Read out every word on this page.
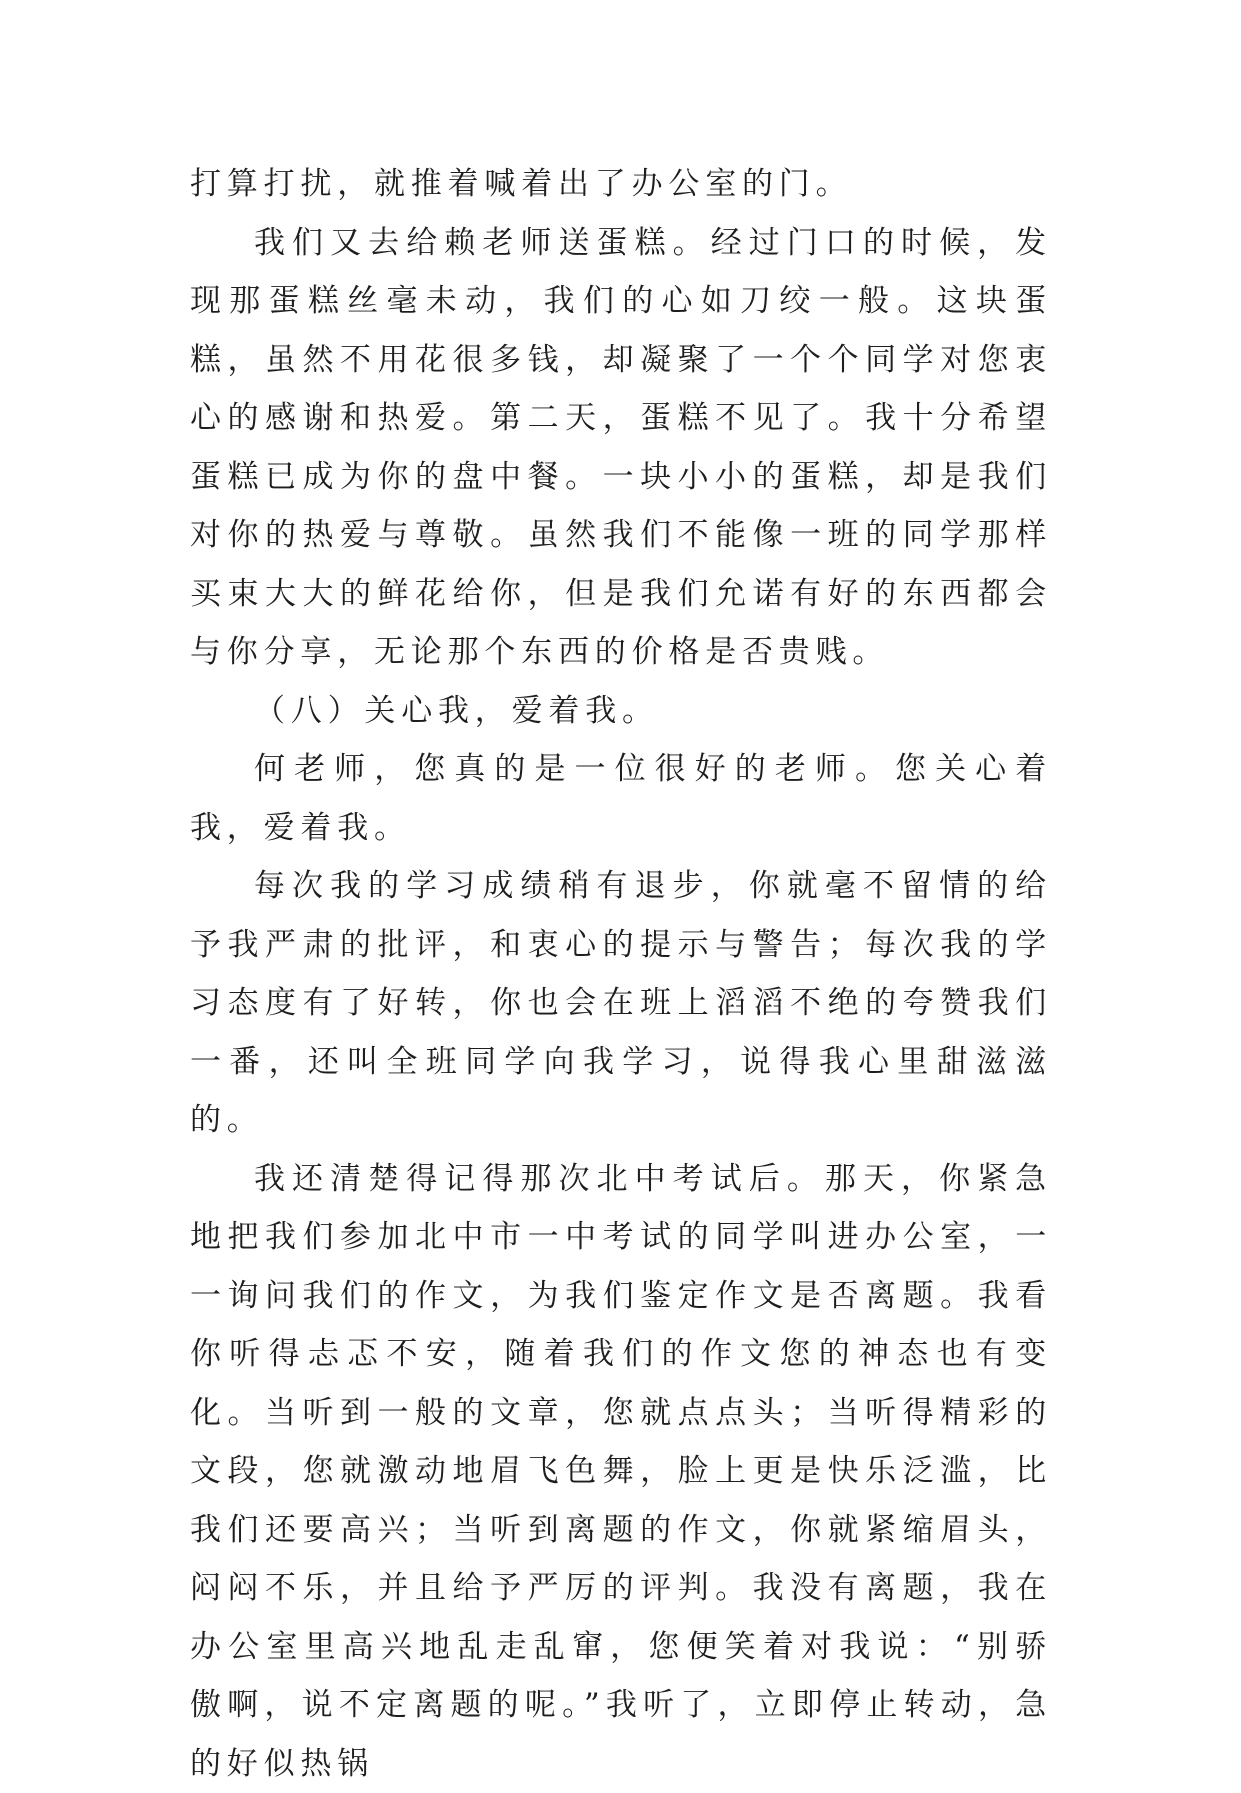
打算打扰，就推着喊着出了办公室的门。

我们又去给赖老师送蛋糕。经过门口的时候，发现那蛋糕丝毫未动，我们的心如刀绞一般。这块蛋糕，虽然不用花很多钱，却凝聚了一个个同学对您衷心的感谢和热爱。第二天，蛋糕不见了。我十分希望蛋糕已成为你的盘中餐。一块小小的蛋糕，却是我们对你的热爱与尊敬。虽然我们不能像一班的同学那样买束大大的鲜花给你，但是我们允诺有好的东西都会与你分享，无论那个东西的价格是否贵贱。

（八）关心我，爱着我。

何老师，您真的是一位很好的老师。您关心着我，爱着我。

每次我的学习成绩稍有退步，你就毫不留情的给予我严肃的批评，和衷心的提示与警告；每次我的学习态度有了好转，你也会在班上滔滔不绝的夸赞我们一番，还叫全班同学向我学习，说得我心里甜滋滋的。

我还清楚得记得那次北中考试后。那天，你紧急地把我们参加北中市一中考试的同学叫进办公室，一一询问我们的作文，为我们鉴定作文是否离题。我看你听得忐忑不安，随着我们的作文您的神态也有变化。当听到一般的文章，您就点点头；当听得精彩的文段，您就激动地眉飞色舞，脸上更是快乐泛滥，比我们还要高兴；当听到离题的作文，你就紧缩眉头，闷闷不乐，并且给予严厉的评判。我没有离题，我在办公室里高兴地乱走乱窜，您便笑着对我说：“别骄傲啊，说不定离题的呢。”我听了，立即停止转动，急的好似热锅
